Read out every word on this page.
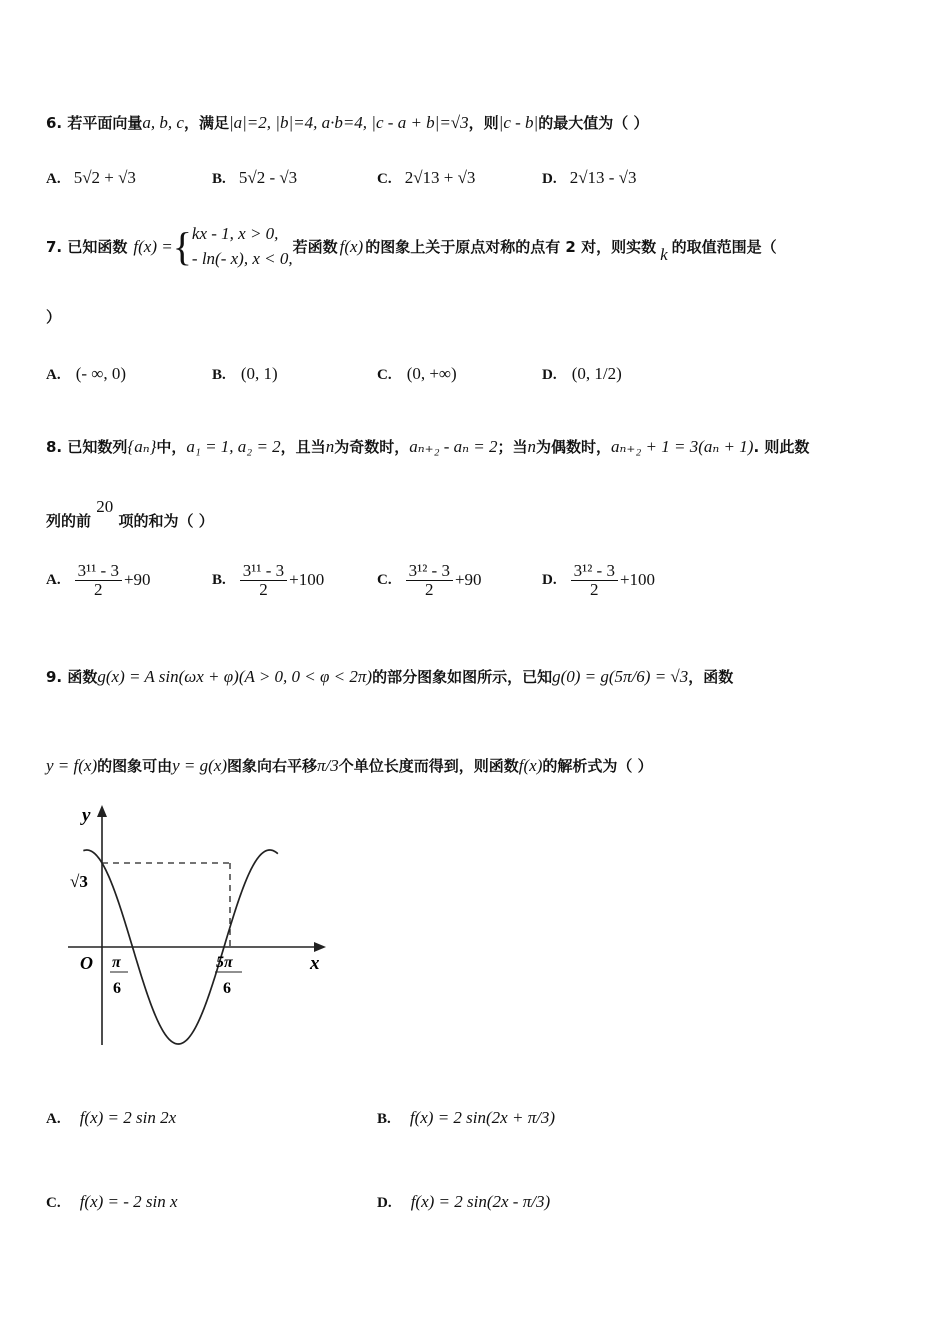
6. 若平面向量a, b, c，满足|a|=2, |b|=4, a·b=4, |c - a + b|=√3，则|c - b|的最大值为（ ）
A. 5√2 + √3	B. 5√2 - √3	C. 2√13 + √3	D. 2√13 - √3
7.
已知函数 f(x) = { kx - 1, x > 0,
- ln(- x), x < 0,
若函数 f(x) 的图象上关于原点对称的点有 2 对，则实数 k 的取值范围是（
）
A. (- ∞, 0)	B. (0, 1)	C. (0, +∞)	D. (0, 1/2)
8. 已知数列{aₙ}中，a₁ = 1, a₂ = 2，且当n为奇数时，aₙ₊₂ - aₙ = 2；当n为偶数时，aₙ₊₂ + 1 = 3(aₙ + 1). 则此数
列的前 20 项的和为（ ）
A. $\frac{\text{3¹¹ - 3}}{2} +90$	B. $\frac{\text{3¹¹ - 3}}{2} +100$	C. $\frac{\text{3¹² - 3}}{2} +90$	D. $\frac{\text{3¹² - 3}}{2} +100$
9. 函数g(x) = A sin(ωx + φ)(A > 0, 0 < φ < 2π)的部分图象如图所示，已知g(0) = g(5π/6) = √3，函数
y = f(x)的图象可由y = g(x)图象向右平移π/3个单位长度而得到，则函数f(x)的解析式为（ ）
y
x
O
√3
π
6
5π
6
A. f(x) = 2 sin 2x	B. f(x) = 2 sin(2x + π/3)
C. f(x) = - 2 sin x	D. f(x) = 2 sin(2x - π/3)
